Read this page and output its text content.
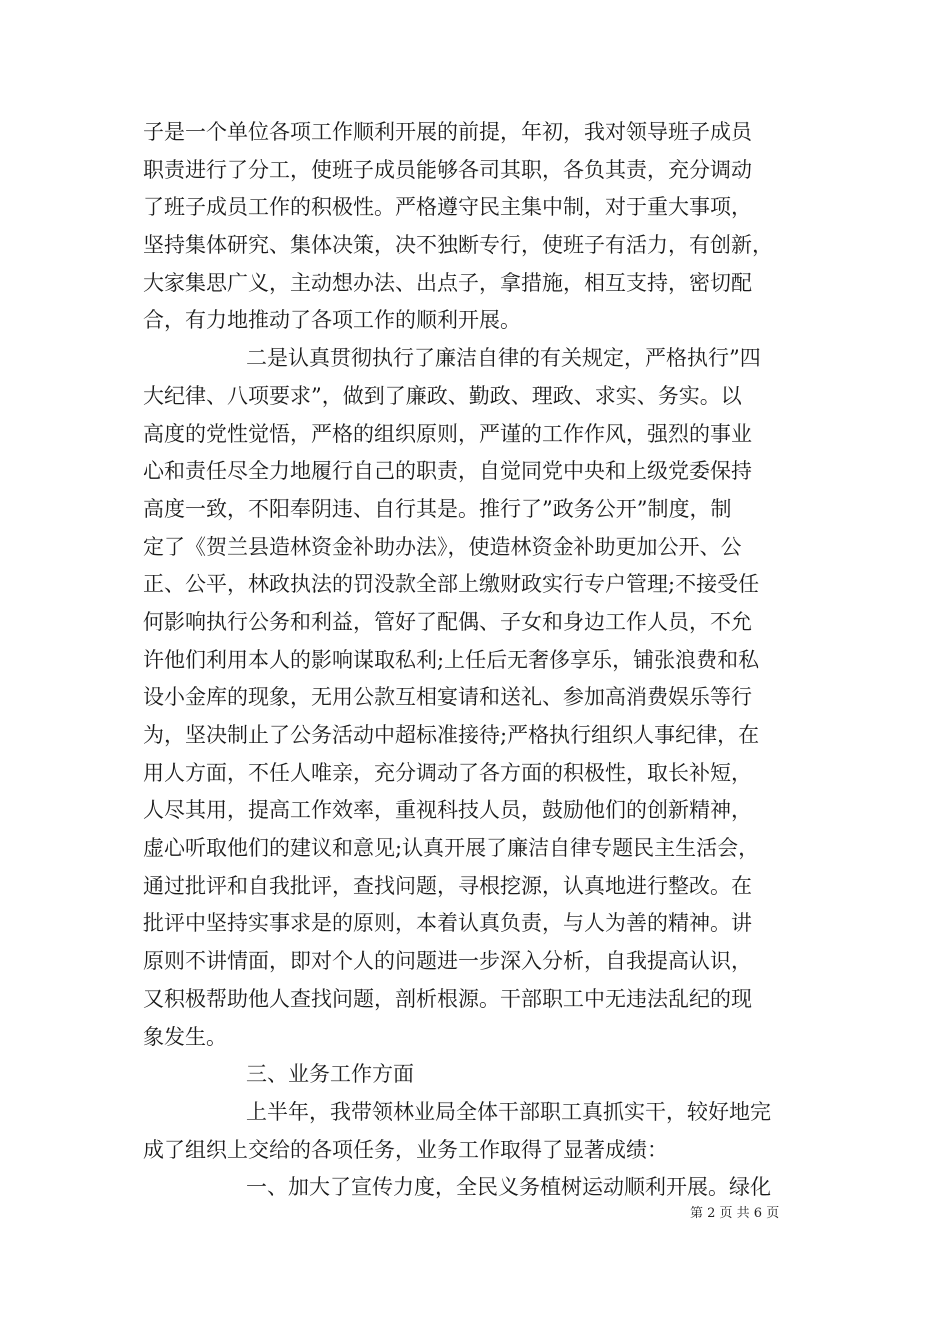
子是一个单位各项工作顺利开展的前提，年初，我对领导班子成员
职责进行了分工，使班子成员能够各司其职，各负其责，充分调动
了班子成员工作的积极性。严格遵守民主集中制，对于重大事项，
坚持集体研究、集体决策，决不独断专行，使班子有活力，有创新，
大家集思广义，主动想办法、出点子，拿措施，相互支持，密切配
合，有力地推动了各项工作的顺利开展。
二是认真贯彻执行了廉洁自律的有关规定，严格执行”四
大纪律、八项要求”，做到了廉政、勤政、理政、求实、务实。以
高度的党性觉悟，严格的组织原则，严谨的工作作风，强烈的事业
心和责任尽全力地履行自己的职责，自觉同党中央和上级党委保持
高度一致，不阳奉阴违、自行其是。推行了”政务公开”制度，制
定了《贺兰县造林资金补助办法》，使造林资金补助更加公开、公
正、公平，林政执法的罚没款全部上缴财政实行专户管理;不接受任
何影响执行公务和利益，管好了配偶、子女和身边工作人员，不允
许他们利用本人的影响谋取私利;上任后无奢侈享乐，铺张浪费和私
设小金库的现象，无用公款互相宴请和送礼、参加高消费娱乐等行
为，坚决制止了公务活动中超标准接待;严格执行组织人事纪律，在
用人方面，不任人唯亲，充分调动了各方面的积极性，取长补短，
人尽其用，提高工作效率，重视科技人员，鼓励他们的创新精神，
虚心听取他们的建议和意见;认真开展了廉洁自律专题民主生活会，
通过批评和自我批评，查找问题，寻根挖源，认真地进行整改。在
批评中坚持实事求是的原则，本着认真负责，与人为善的精神。讲
原则不讲情面，即对个人的问题进一步深入分析，自我提高认识，
又积极帮助他人查找问题，剖析根源。干部职工中无违法乱纪的现
象发生。
三、业务工作方面
上半年，我带领林业局全体干部职工真抓实干，较好地完
成了组织上交给的各项任务，业务工作取得了显著成绩：
一、加大了宣传力度，全民义务植树运动顺利开展。绿化
第 2 页 共 6 页
